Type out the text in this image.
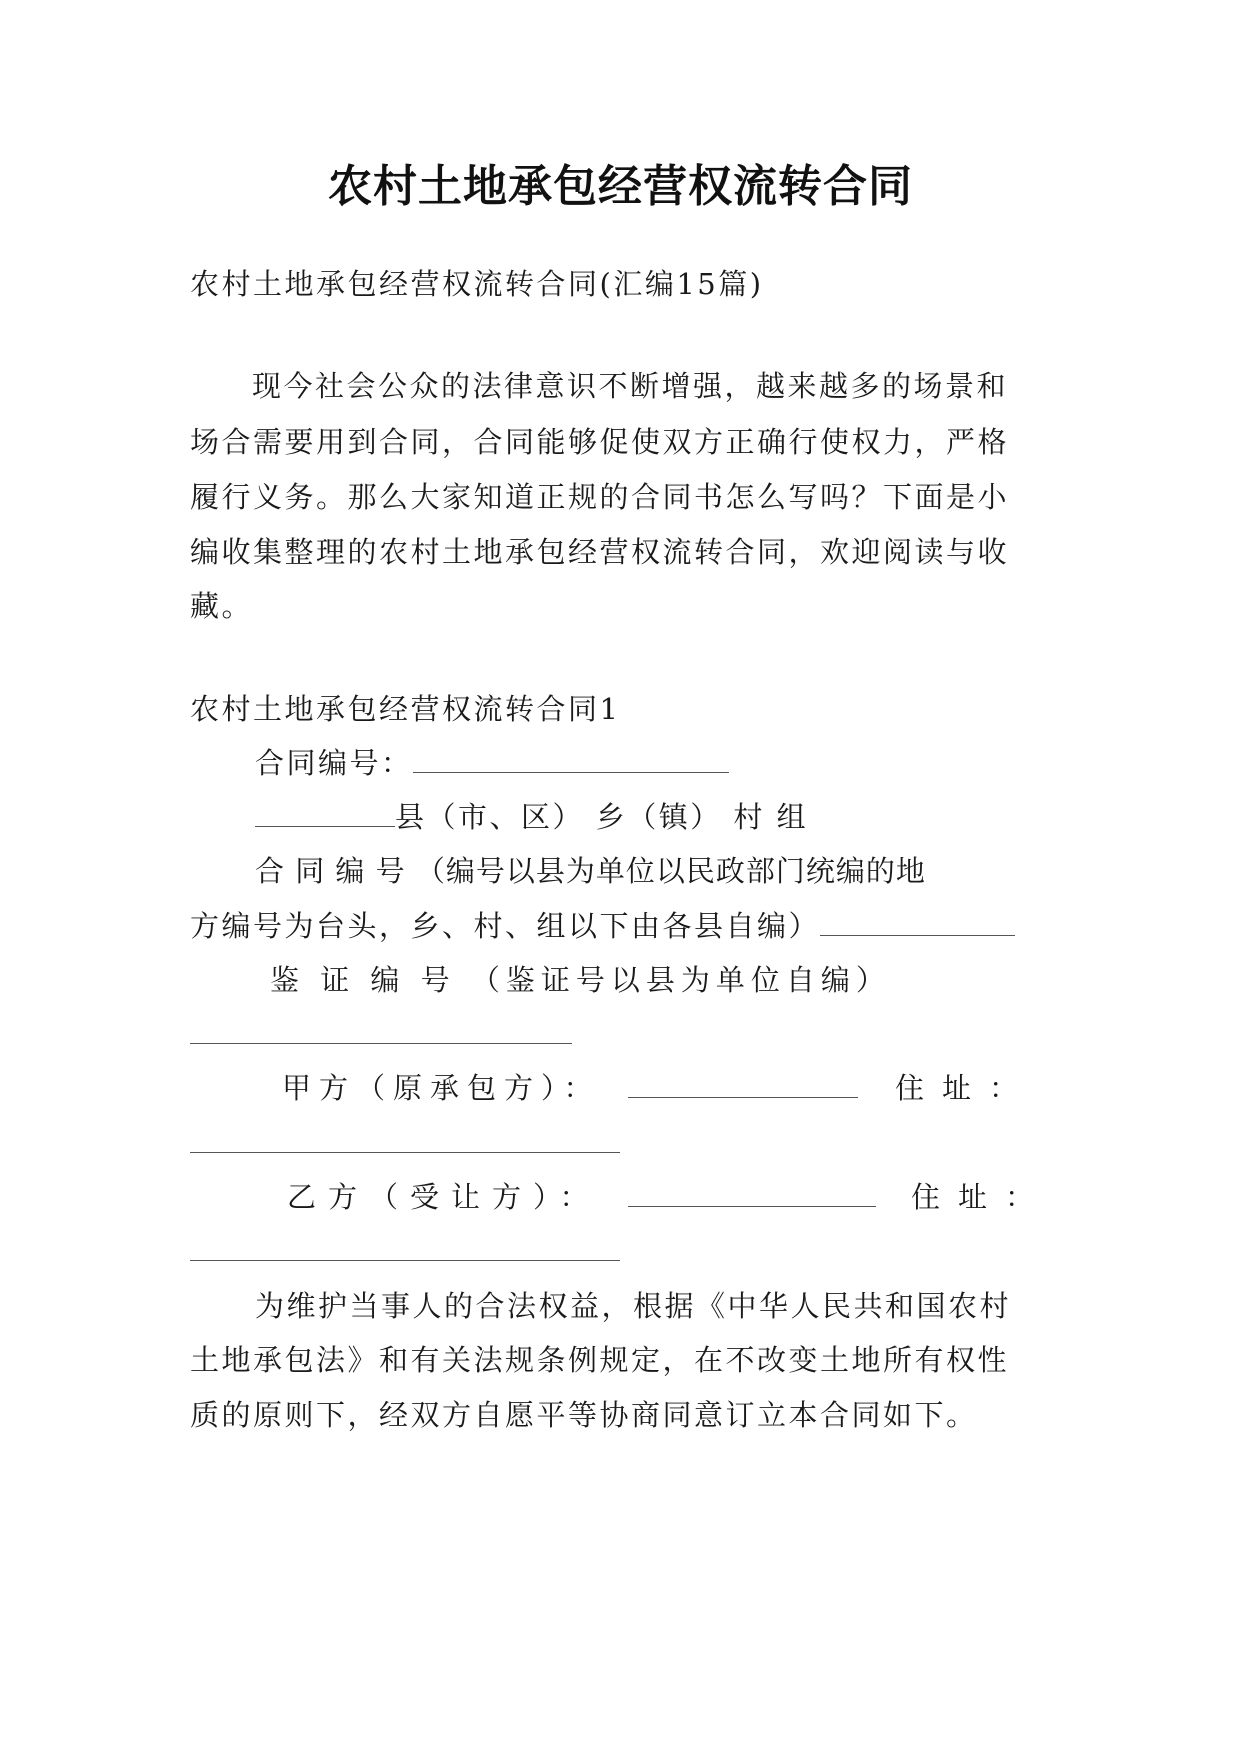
农村土地承包经营权流转合同
农村土地承包经营权流转合同(汇编15篇)
现今社会公众的法律意识不断增强，越来越多的场景和
场合需要用到合同，合同能够促使双方正确行使权力，严格
履行义务。那么大家知道正规的合同书怎么写吗？下面是小
编收集整理的农村土地承包经营权流转合同，欢迎阅读与收
藏。
农村土地承包经营权流转合同1
合同编号：
县（市、区） 乡（镇） 村 组
合 同 编 号 （编号以县为单位以民政部门统编的地
方编号为台头，乡、村、组以下由各县自编）
鉴 证 编 号 （鉴证号以县为单位自编）
甲方（原承包方）：	住址：
乙方（受让方）：	住址：
为维护当事人的合法权益，根据《中华人民共和国农村
土地承包法》和有关法规条例规定，在不改变土地所有权性
质的原则下，经双方自愿平等协商同意订立本合同如下。
